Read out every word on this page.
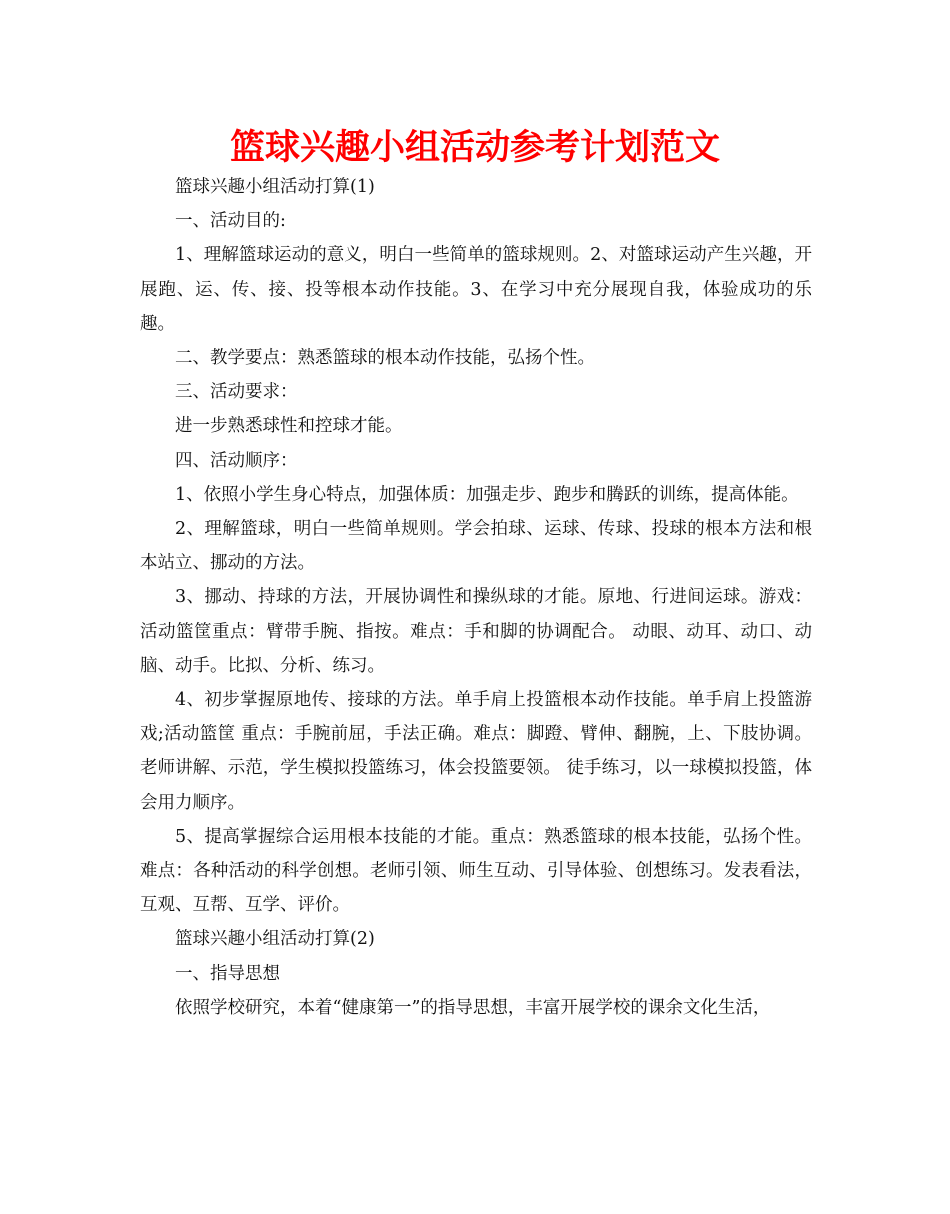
篮球兴趣小组活动参考计划范文

篮球兴趣小组活动打算(1)

一、活动目的:

1、理解篮球运动的意义，明白一些简单的篮球规则。2、对篮球运动产生兴趣，开展跑、运、传、接、投等根本动作技能。3、在学习中充分展现自我，体验成功的乐趣。

二、教学要点：熟悉篮球的根本动作技能，弘扬个性。

三、活动要求：

进一步熟悉球性和控球才能。

四、活动顺序：

1、依照小学生身心特点，加强体质：加强走步、跑步和腾跃的训练，提高体能。

2、理解篮球，明白一些简单规则。学会拍球、运球、传球、投球的根本方法和根本站立、挪动的方法。

3、挪动、持球的方法，开展协调性和操纵球的才能。原地、行进间运球。游戏：活动篮筐重点：臂带手腕、指按。难点：手和脚的协调配合。 动眼、动耳、动口、动脑、动手。比拟、分析、练习。

4、初步掌握原地传、接球的方法。单手肩上投篮根本动作技能。单手肩上投篮游戏;活动篮筐 重点：手腕前屈，手法正确。难点：脚蹬、臂伸、翻腕，上、下肢协调。老师讲解、示范，学生模拟投篮练习，体会投篮要领。 徒手练习，以一球模拟投篮，体会用力顺序。

5、提高掌握综合运用根本技能的才能。重点：熟悉篮球的根本技能，弘扬个性。难点：各种活动的科学创想。老师引领、师生互动、引导体验、创想练习。发表看法，互观、互帮、互学、评价。

篮球兴趣小组活动打算(2)

一、指导思想

依照学校研究，本着“健康第一”的指导思想，丰富开展学校的课余文化生活，
